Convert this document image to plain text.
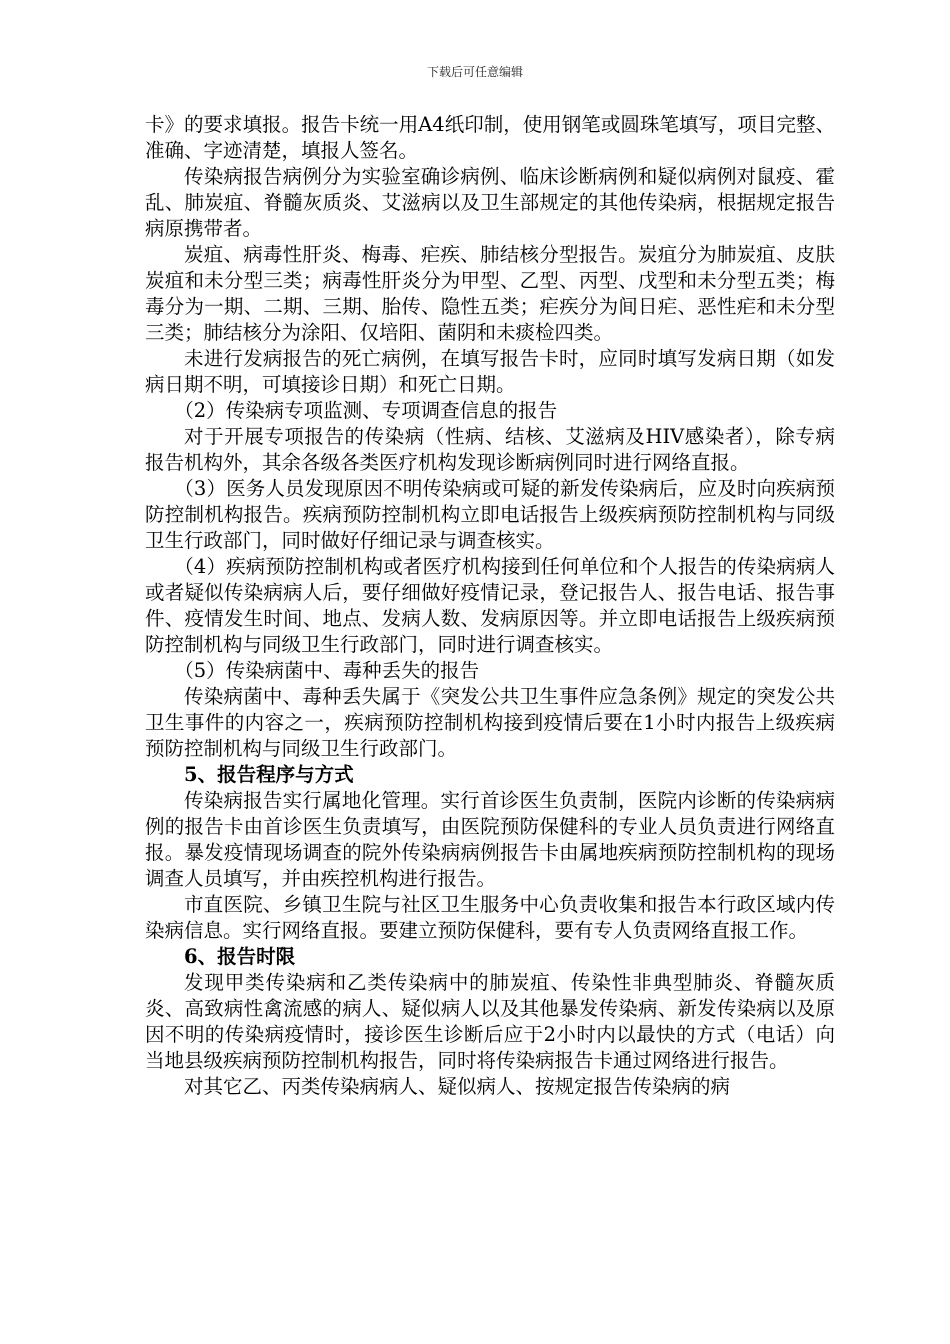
下载后可任意编辑

卡》的要求填报。报告卡统一用A4纸印制，使用钢笔或圆珠笔填写，项目完整、准确、字迹清楚，填报人签名。

传染病报告病例分为实验室确诊病例、临床诊断病例和疑似病例对鼠疫、霍乱、肺炭疽、脊髓灰质炎、艾滋病以及卫生部规定的其他传染病，根据规定报告病原携带者。

炭疽、病毒性肝炎、梅毒、疟疾、肺结核分型报告。炭疽分为肺炭疽、皮肤炭疽和未分型三类；病毒性肝炎分为甲型、乙型、丙型、戊型和未分型五类；梅毒分为一期、二期、三期、胎传、隐性五类；疟疾分为间日疟、恶性疟和未分型三类；肺结核分为涂阳、仅培阳、菌阴和未痰检四类。

未进行发病报告的死亡病例，在填写报告卡时，应同时填写发病日期（如发病日期不明，可填接诊日期）和死亡日期。

（2）传染病专项监测、专项调查信息的报告

对于开展专项报告的传染病（性病、结核、艾滋病及HIV感染者），除专病报告机构外，其余各级各类医疗机构发现诊断病例同时进行网络直报。

（3）医务人员发现原因不明传染病或可疑的新发传染病后，应及时向疾病预防控制机构报告。疾病预防控制机构立即电话报告上级疾病预防控制机构与同级卫生行政部门，同时做好仔细记录与调查核实。

（4）疾病预防控制机构或者医疗机构接到任何单位和个人报告的传染病病人或者疑似传染病病人后，要仔细做好疫情记录，登记报告人、报告电话、报告事件、疫情发生时间、地点、发病人数、发病原因等。并立即电话报告上级疾病预防控制机构与同级卫生行政部门，同时进行调查核实。

（5）传染病菌中、毒种丢失的报告

传染病菌中、毒种丢失属于《突发公共卫生事件应急条例》规定的突发公共卫生事件的内容之一，疾病预防控制机构接到疫情后要在1小时内报告上级疾病预防控制机构与同级卫生行政部门。

5、报告程序与方式

传染病报告实行属地化管理。实行首诊医生负责制，医院内诊断的传染病病例的报告卡由首诊医生负责填写，由医院预防保健科的专业人员负责进行网络直报。暴发疫情现场调查的院外传染病病例报告卡由属地疾病预防控制机构的现场调查人员填写，并由疾控机构进行报告。

市直医院、乡镇卫生院与社区卫生服务中心负责收集和报告本行政区域内传染病信息。实行网络直报。要建立预防保健科，要有专人负责网络直报工作。

6、报告时限

发现甲类传染病和乙类传染病中的肺炭疽、传染性非典型肺炎、脊髓灰质炎、高致病性禽流感的病人、疑似病人以及其他暴发传染病、新发传染病以及原因不明的传染病疫情时，接诊医生诊断后应于2小时内以最快的方式（电话）向当地县级疾病预防控制机构报告，同时将传染病报告卡通过网络进行报告。

对其它乙、丙类传染病病人、疑似病人、按规定报告传染病的病
